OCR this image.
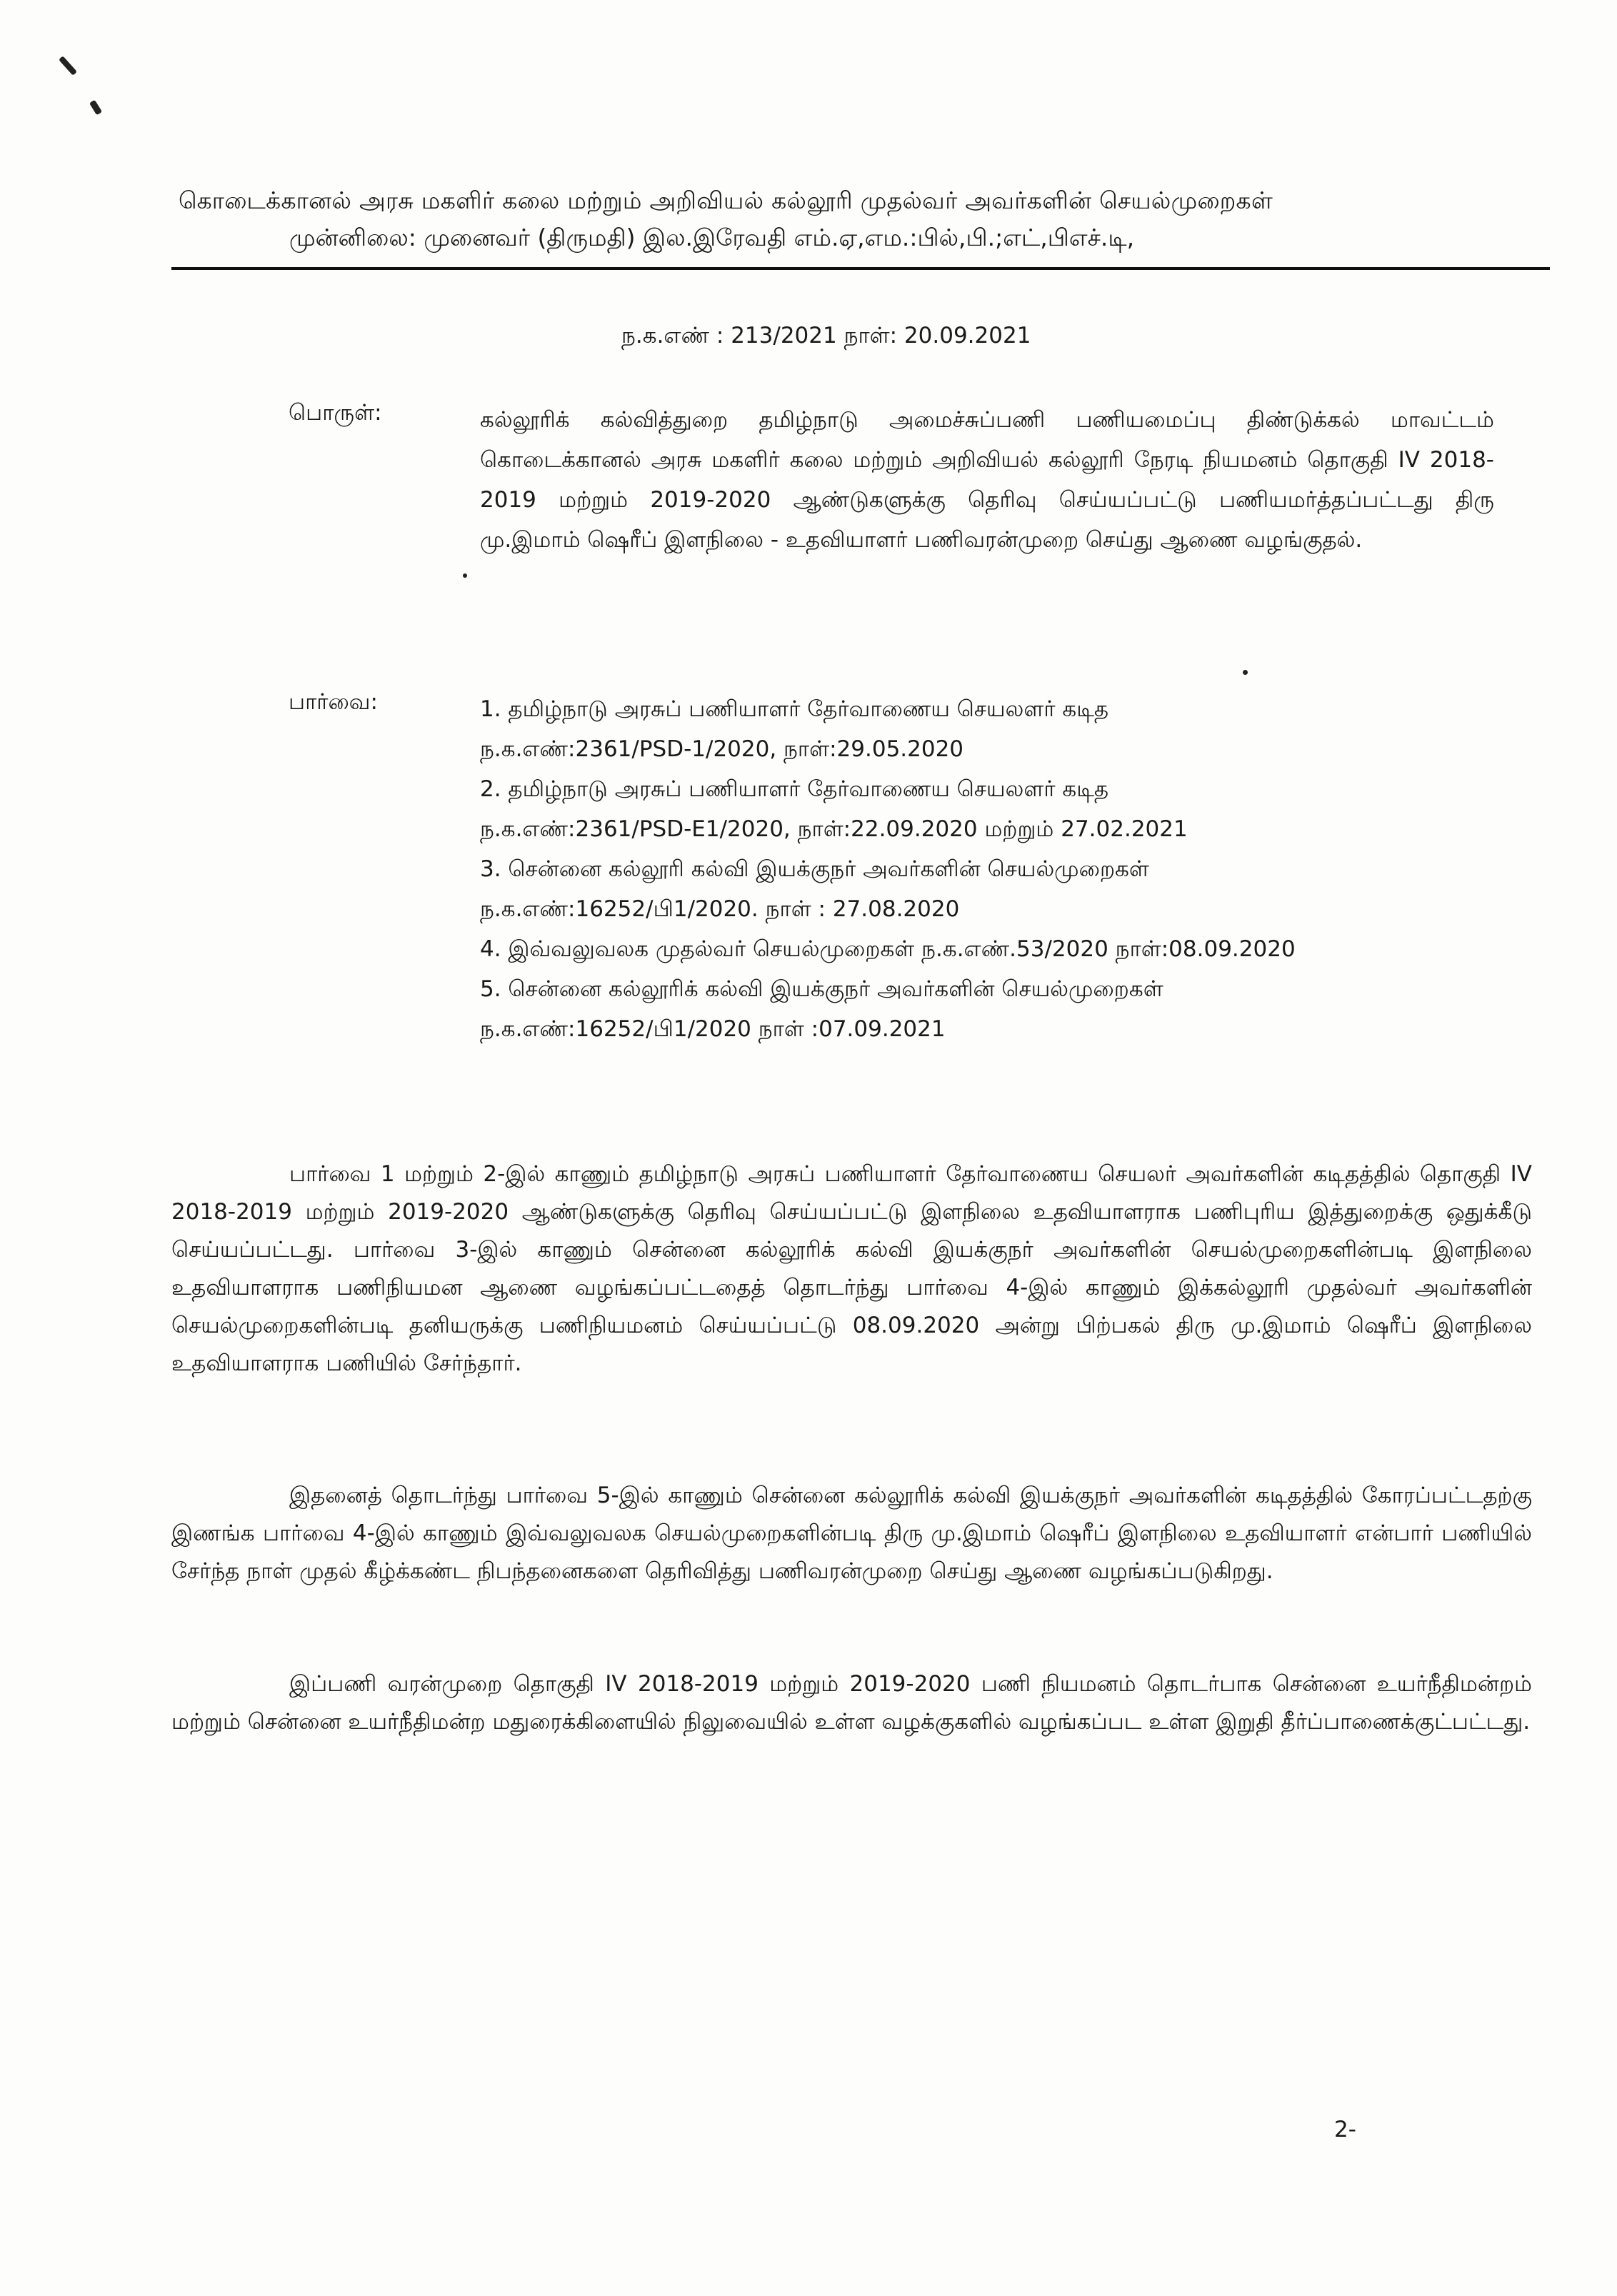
கொடைக்கானல் அரசு மகளிர் கலை மற்றும் அறிவியல் கல்லூரி முதல்வர் அவர்களின் செயல்முறைகள்
முன்னிலை: முனைவர் (திருமதி) இல.இரேவதி எம்.ஏ,எம.:பில்,பி.;எட்,பிஎச்.டி,
ந.க.எண் : 213/2021 நாள்: 20.09.2021
பொருள்:	கல்லூரிக் கல்வித்துறை தமிழ்நாடு அமைச்சுப்பணி பணியமைப்பு திண்டுக்கல் மாவட்டம் கொடைக்கானல் அரசு மகளிர் கலை மற்றும் அறிவியல் கல்லூரி நேரடி நியமனம் தொகுதி IV 2018-2019 மற்றும் 2019-2020 ஆண்டுகளுக்கு தெரிவு செய்யப்பட்டு பணியமர்த்தப்பட்டது திரு மு.இமாம் ஷெரீப் இளநிலை - உதவியாளர் பணிவரன்முறை செய்து ஆணை வழங்குதல்.
பார்வை:	1. தமிழ்நாடு அரசுப் பணியாளர் தேர்வாணைய செயலளர் கடித
ந.க.எண்:2361/PSD-1/2020, நாள்:29.05.2020
2. தமிழ்நாடு அரசுப் பணியாளர் தேர்வாணைய செயலளர் கடித
ந.க.எண்:2361/PSD-E1/2020, நாள்:22.09.2020 மற்றும் 27.02.2021
3. சென்னை கல்லூரி கல்வி இயக்குநர் அவர்களின் செயல்முறைகள்
ந.க.எண்:16252/பி1/2020. நாள் : 27.08.2020
4. இவ்வலுவலக முதல்வர் செயல்முறைகள் ந.க.எண்.53/2020 நாள்:08.09.2020
5. சென்னை கல்லூரிக் கல்வி இயக்குநர் அவர்களின் செயல்முறைகள்
ந.க.எண்:16252/பி1/2020 நாள் :07.09.2021

பார்வை 1 மற்றும் 2-இல் காணும் தமிழ்நாடு அரசுப் பணியாளர் தேர்வாணைய செயலர் அவர்களின் கடிதத்தில் தொகுதி IV 2018-2019 மற்றும் 2019-2020 ஆண்டுகளுக்கு தெரிவு செய்யப்பட்டு இளநிலை உதவியாளராக பணிபுரிய இத்துறைக்கு ஒதுக்கீடு செய்யப்பட்டது. பார்வை 3-இல் காணும் சென்னை கல்லூரிக் கல்வி இயக்குநர் அவர்களின் செயல்முறைகளின்படி இளநிலை உதவியாளராக பணிநியமன ஆணை வழங்கப்பட்டதைத் தொடர்ந்து பார்வை 4-இல் காணும் இக்கல்லூரி முதல்வர் அவர்களின் செயல்முறைகளின்படி தனியருக்கு பணிநியமனம் செய்யப்பட்டு 08.09.2020 அன்று பிற்பகல் திரு மு.இமாம் ஷெரீப் இளநிலை உதவியாளராக பணியில் சேர்ந்தார்.

இதனைத் தொடர்ந்து பார்வை 5-இல் காணும் சென்னை கல்லூரிக் கல்வி இயக்குநர் அவர்களின் கடிதத்தில் கோரப்பட்டதற்கு இணங்க பார்வை 4-இல் காணும் இவ்வலுவலக செயல்முறைகளின்படி திரு மு.இமாம் ஷெரீப் இளநிலை உதவியாளர் என்பார் பணியில் சேர்ந்த நாள் முதல் கீழ்க்கண்ட நிபந்தனைகளை தெரிவித்து பணிவரன்முறை செய்து ஆணை வழங்கப்படுகிறது.

இப்பணி வரன்முறை தொகுதி IV 2018-2019 மற்றும் 2019-2020 பணி நியமனம் தொடர்பாக சென்னை உயர்நீதிமன்றம் மற்றும் சென்னை உயர்நீதிமன்ற மதுரைக்கிளையில் நிலுவையில் உள்ள வழக்குகளில் வழங்கப்பட உள்ள இறுதி தீர்ப்பாணைக்குட்பட்டது.

2-
